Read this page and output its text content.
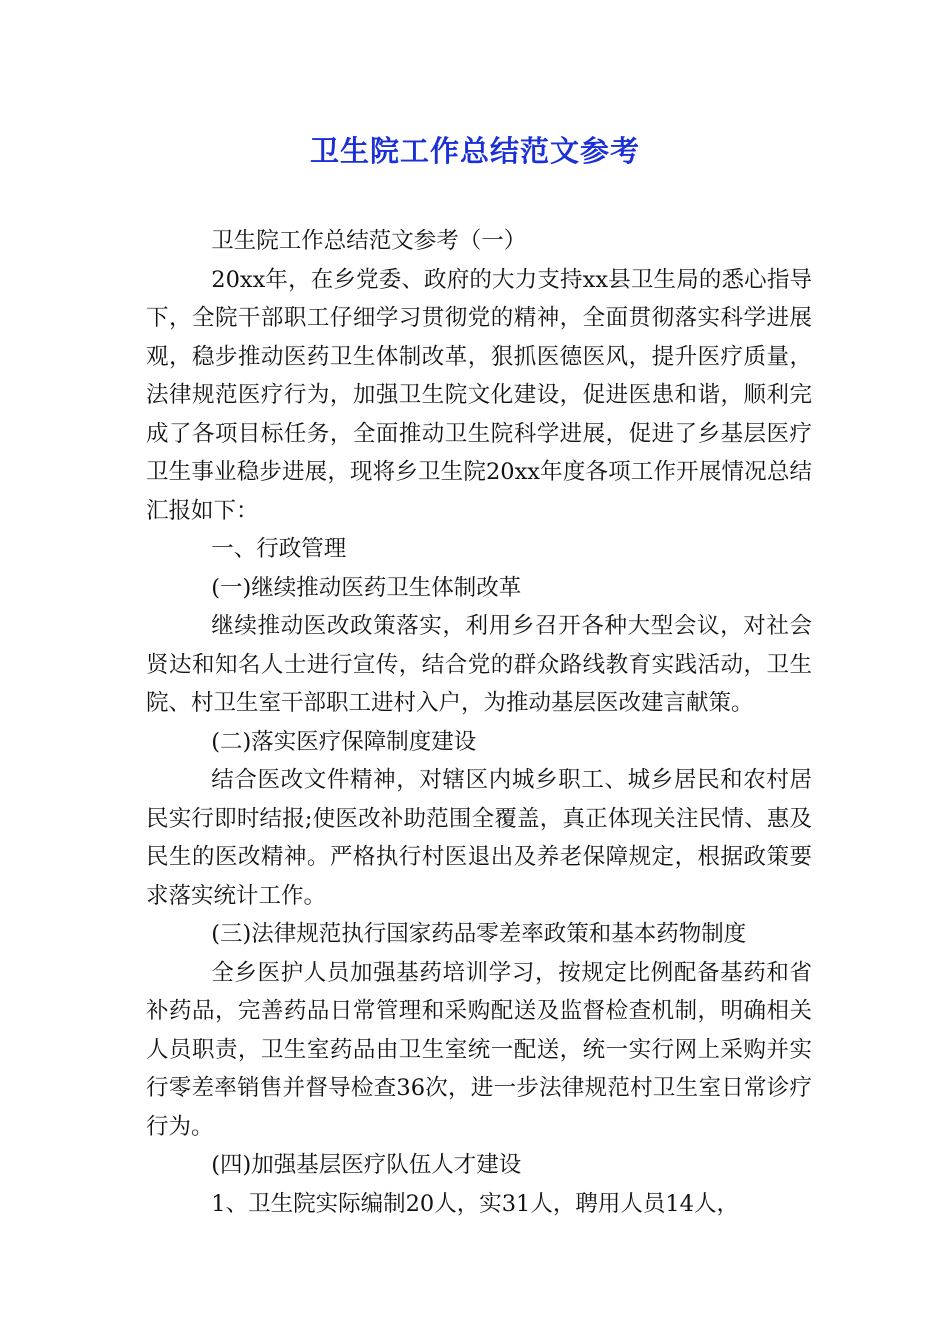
卫生院工作总结范文参考

卫生院工作总结范文参考（一）

20xx年，在乡党委、政府的大力支持xx县卫生局的悉心指导下，全院干部职工仔细学习贯彻党的精神，全面贯彻落实科学进展观，稳步推动医药卫生体制改革，狠抓医德医风，提升医疗质量，法律规范医疗行为，加强卫生院文化建设，促进医患和谐，顺利完成了各项目标任务，全面推动卫生院科学进展，促进了乡基层医疗卫生事业稳步进展，现将乡卫生院20xx年度各项工作开展情况总结汇报如下：

一、行政管理

(一)继续推动医药卫生体制改革

继续推动医改政策落实，利用乡召开各种大型会议，对社会贤达和知名人士进行宣传，结合党的群众路线教育实践活动，卫生院、村卫生室干部职工进村入户，为推动基层医改建言献策。

(二)落实医疗保障制度建设

结合医改文件精神，对辖区内城乡职工、城乡居民和农村居民实行即时结报;使医改补助范围全覆盖，真正体现关注民情、惠及民生的医改精神。严格执行村医退出及养老保障规定，根据政策要求落实统计工作。

(三)法律规范执行国家药品零差率政策和基本药物制度

全乡医护人员加强基药培训学习，按规定比例配备基药和省补药品，完善药品日常管理和采购配送及监督检查机制，明确相关人员职责，卫生室药品由卫生室统一配送，统一实行网上采购并实行零差率销售并督导检查36次，进一步法律规范村卫生室日常诊疗行为。

(四)加强基层医疗队伍人才建设

1、卫生院实际编制20人，实31人，聘用人员14人，
